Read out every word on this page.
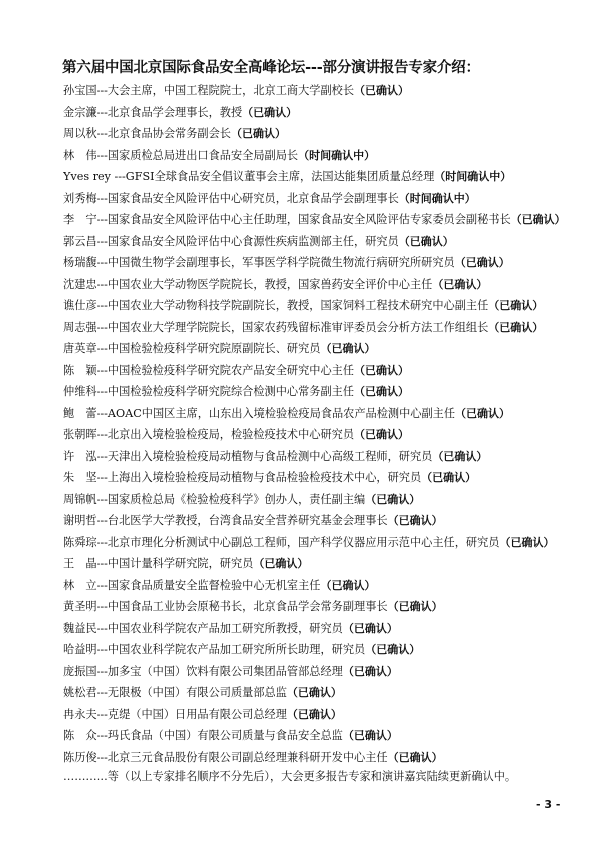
第六届中国北京国际食品安全高峰论坛---部分演讲报告专家介绍：
孙宝国---大会主席，中国工程院院士，北京工商大学副校长（已确认）
金宗濂---北京食品学会理事长，教授（已确认）
周以秋---北京食品协会常务副会长（已确认）
林　伟---国家质检总局进出口食品安全局副局长（时间确认中）
Yves rey ---GFSI全球食品安全倡议董事会主席，法国达能集团质量总经理（时间确认中）
刘秀梅---国家食品安全风险评估中心研究员，北京食品学会副理事长（时间确认中）
李　宁---国家食品安全风险评估中心主任助理，国家食品安全风险评估专家委员会副秘书长（已确认）
郭云昌---国家食品安全风险评估中心食源性疾病监测部主任，研究员（已确认）
杨瑞馥---中国微生物学会副理事长，军事医学科学院微生物流行病研究所研究员（已确认）
沈建忠---中国农业大学动物医学院院长，教授，国家兽药安全评价中心主任（已确认）
谯仕彦---中国农业大学动物科技学院副院长，教授，国家饲料工程技术研究中心副主任（已确认）
周志强---中国农业大学理学院院长，国家农药残留标准审评委员会分析方法工作组组长（已确认）
唐英章---中国检验检疫科学研究院原副院长、研究员（已确认）
陈　颖---中国检验检疫科学研究院农产品安全研究中心主任（已确认）
仲维科---中国检验检疫科学研究院综合检测中心常务副主任（已确认）
鲍　蕾---AOAC中国区主席，山东出入境检验检疫局食品农产品检测中心副主任（已确认）
张朝晖---北京出入境检验检疫局，检验检疫技术中心研究员（已确认）
许　泓---天津出入境检验检疫局动植物与食品检测中心高级工程师，研究员（已确认）
朱　坚---上海出入境检验检疫局动植物与食品检验检疫技术中心，研究员（已确认）
周锦帆---国家质检总局《检验检疫科学》创办人，责任副主编（已确认）
谢明哲---台北医学大学教授，台湾食品安全营养研究基金会理事长（已确认）
陈舜琮---北京市理化分析测试中心副总工程师，国产科学仪器应用示范中心主任，研究员（已确认）
王　晶---中国计量科学研究院，研究员（已确认）
林　立---国家食品质量安全监督检验中心无机室主任（已确认）
黄圣明---中国食品工业协会原秘书长，北京食品学会常务副理事长（已确认）
魏益民---中国农业科学院农产品加工研究所教授，研究员（已确认）
哈益明---中国农业科学院农产品加工研究所所长助理，研究员（已确认）
庞振国---加多宝（中国）饮料有限公司集团品管部总经理（已确认）
姚松君---无限极（中国）有限公司质量部总监（已确认）
冉永夫---克缇（中国）日用品有限公司总经理（已确认）
陈　众---玛氏食品（中国）有限公司质量与食品安全总监（已确认）
陈历俊---北京三元食品股份有限公司副总经理兼科研开发中心主任（已确认）
…………等（以上专家排名顺序不分先后），大会更多报告专家和演讲嘉宾陆续更新确认中。
- 3 -
